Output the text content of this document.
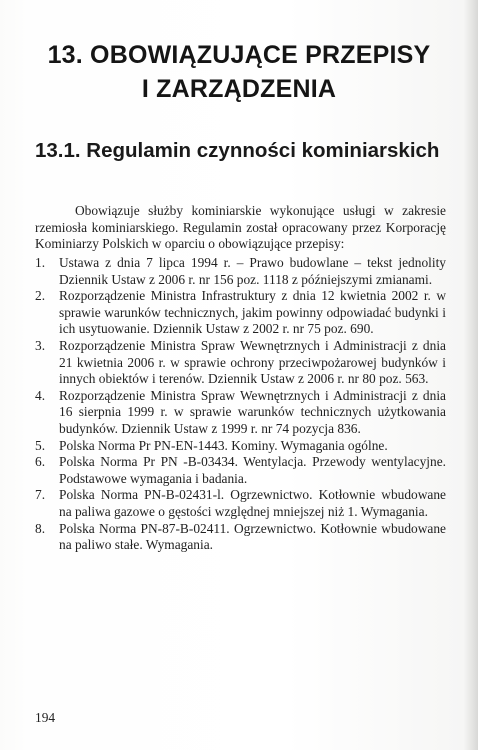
13. OBOWIĄZUJĄCE PRZEPISY
I ZARZĄDZENIA
13.1. Regulamin czynności kominiarskich

Obowiązuje służby kominiarskie wykonujące usługi w zakresie rzemiosła kominiarskiego. Regulamin został opracowany przez Korporację Kominiarzy Polskich w oparciu o obowiązujące przepisy:

1. Ustawa z dnia 7 lipca 1994 r. – Prawo budowlane – tekst jednolity Dziennik Ustaw z 2006 r. nr 156 poz. 1118 z późniejszymi zmianami.
2. Rozporządzenie Ministra Infrastruktury z dnia 12 kwietnia 2002 r. w sprawie warunków technicznych, jakim powinny odpowiadać budynki i ich usytuowanie. Dziennik Ustaw z 2002 r. nr 75 poz. 690.
3. Rozporządzenie Ministra Spraw Wewnętrznych i Administracji z dnia 21 kwietnia 2006 r. w sprawie ochrony przeciwpożarowej budynków i innych obiektów i terenów. Dziennik Ustaw z 2006 r. nr 80 poz. 563.
4. Rozporządzenie Ministra Spraw Wewnętrznych i Administracji z dnia 16 sierpnia 1999 r. w sprawie warunków technicznych użytkowania budynków. Dziennik Ustaw z 1999 r. nr 74 pozycja 836.
5. Polska Norma Pr PN-EN-1443. Kominy. Wymagania ogólne.
6. Polska Norma Pr PN -B-03434. Wentylacja. Przewody wentylacyjne. Podstawowe wymagania i badania.
7. Polska Norma PN-B-02431-l. Ogrzewnictwo. Kotłownie wbudowane na paliwa gazowe o gęstości względnej mniejszej niż 1. Wymagania.
8. Polska Norma PN-87-B-02411. Ogrzewnictwo. Kotłownie wbudowane na paliwo stałe. Wymagania.
194
